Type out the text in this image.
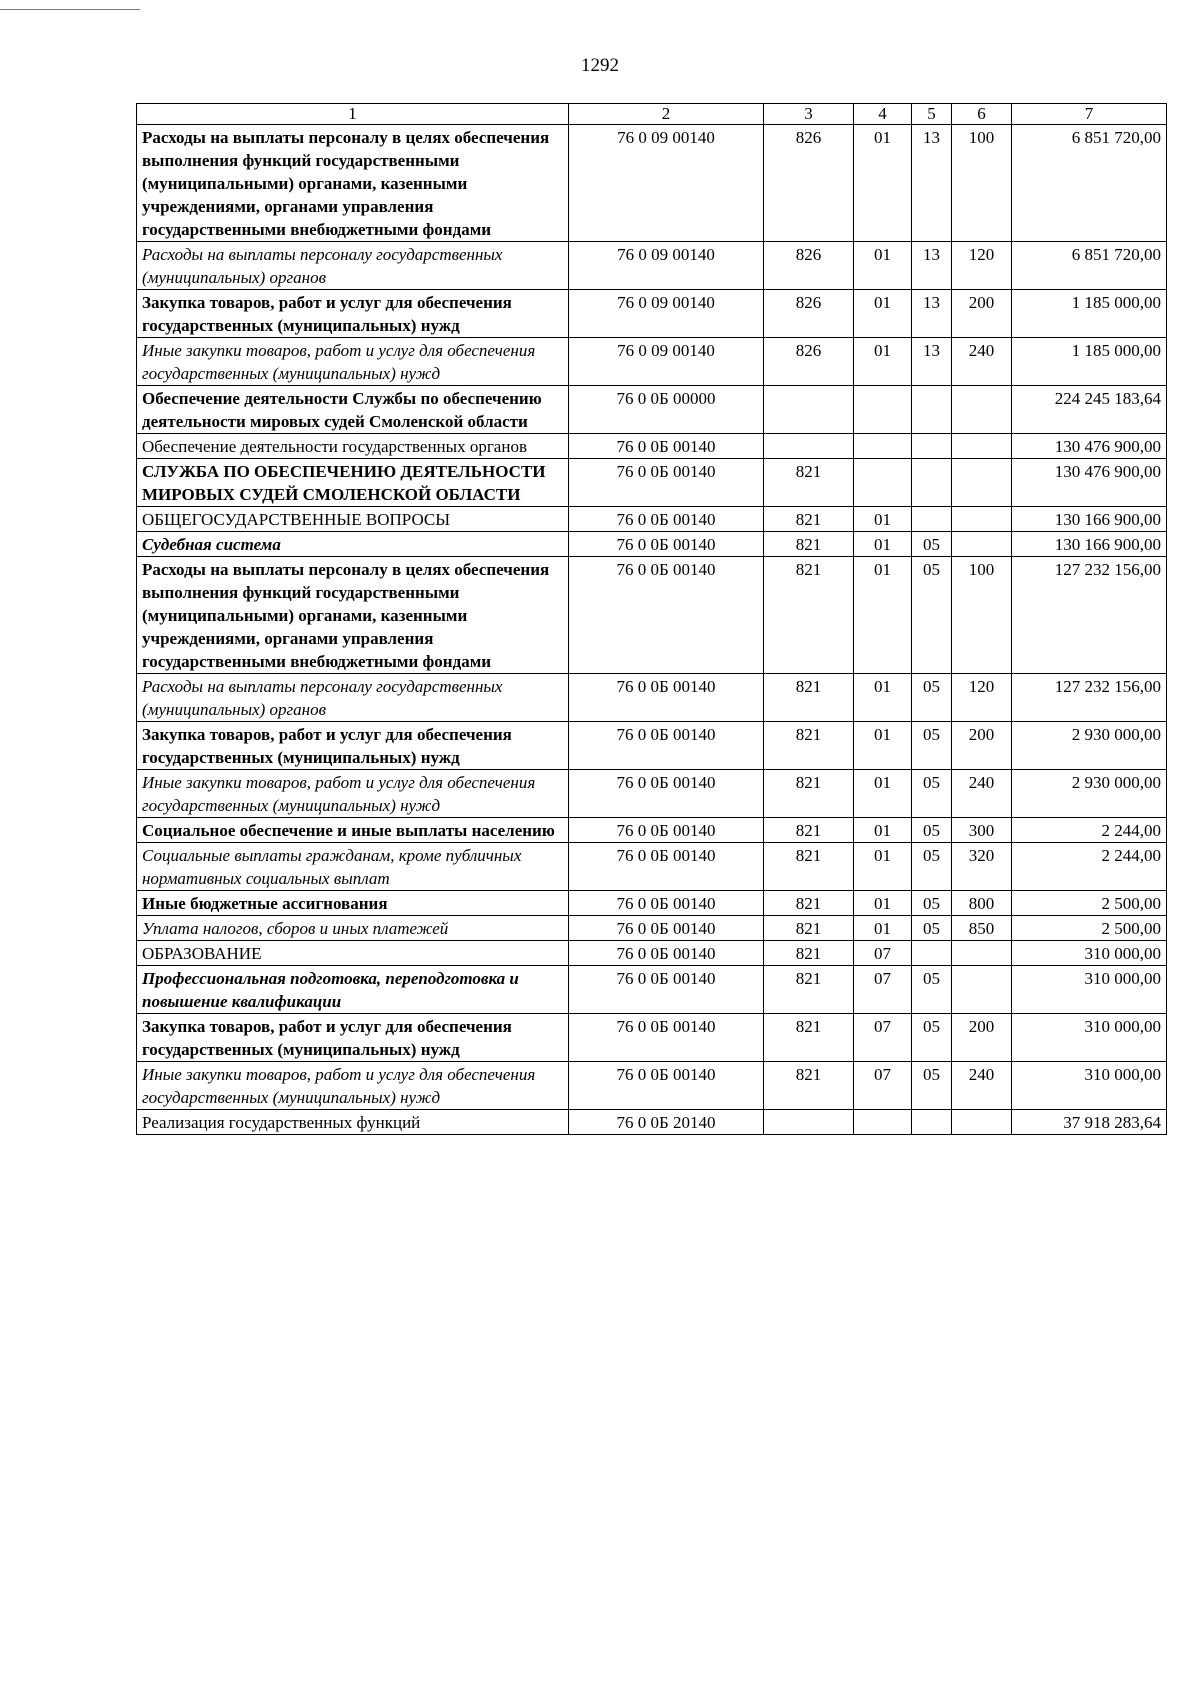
1292
1	2	3	4	5	6	7
Расходы на выплаты персоналу в целях обеспечения выполнения функций государственными (муниципальными) органами, казенными учреждениями, органами управления государственными внебюджетными фондами	76 0 09 00140	826	01	13	100	6 851 720,00
Расходы на выплаты персоналу государственных (муниципальных) органов	76 0 09 00140	826	01	13	120	6 851 720,00
Закупка товаров, работ и услуг для обеспечения государственных (муниципальных) нужд	76 0 09 00140	826	01	13	200	1 185 000,00
Иные закупки товаров, работ и услуг для обеспечения государственных (муниципальных) нужд	76 0 09 00140	826	01	13	240	1 185 000,00
Обеспечение деятельности Службы по обеспечению деятельности мировых судей Смоленской области	76 0 0Б 00000					224 245 183,64
Обеспечение деятельности государственных органов	76 0 0Б 00140					130 476 900,00
СЛУЖБА ПО ОБЕСПЕЧЕНИЮ ДЕЯТЕЛЬНОСТИ МИРОВЫХ СУДЕЙ СМОЛЕНСКОЙ ОБЛАСТИ	76 0 0Б 00140	821				130 476 900,00
ОБЩЕГОСУДАРСТВЕННЫЕ ВОПРОСЫ	76 0 0Б 00140	821	01			130 166 900,00
Судебная система	76 0 0Б 00140	821	01	05		130 166 900,00
Расходы на выплаты персоналу в целях обеспечения выполнения функций государственными (муниципальными) органами, казенными учреждениями, органами управления государственными внебюджетными фондами	76 0 0Б 00140	821	01	05	100	127 232 156,00
Расходы на выплаты персоналу государственных (муниципальных) органов	76 0 0Б 00140	821	01	05	120	127 232 156,00
Закупка товаров, работ и услуг для обеспечения государственных (муниципальных) нужд	76 0 0Б 00140	821	01	05	200	2 930 000,00
Иные закупки товаров, работ и услуг для обеспечения государственных (муниципальных) нужд	76 0 0Б 00140	821	01	05	240	2 930 000,00
Социальное обеспечение и иные выплаты населению	76 0 0Б 00140	821	01	05	300	2 244,00
Социальные выплаты гражданам, кроме публичных нормативных социальных выплат	76 0 0Б 00140	821	01	05	320	2 244,00
Иные бюджетные ассигнования	76 0 0Б 00140	821	01	05	800	2 500,00
Уплата налогов, сборов и иных платежей	76 0 0Б 00140	821	01	05	850	2 500,00
ОБРАЗОВАНИЕ	76 0 0Б 00140	821	07			310 000,00
Профессиональная подготовка, переподготовка и повышение квалификации	76 0 0Б 00140	821	07	05		310 000,00
Закупка товаров, работ и услуг для обеспечения государственных (муниципальных) нужд	76 0 0Б 00140	821	07	05	200	310 000,00
Иные закупки товаров, работ и услуг для обеспечения государственных (муниципальных) нужд	76 0 0Б 00140	821	07	05	240	310 000,00
Реализация государственных функций	76 0 0Б 20140					37 918 283,64
